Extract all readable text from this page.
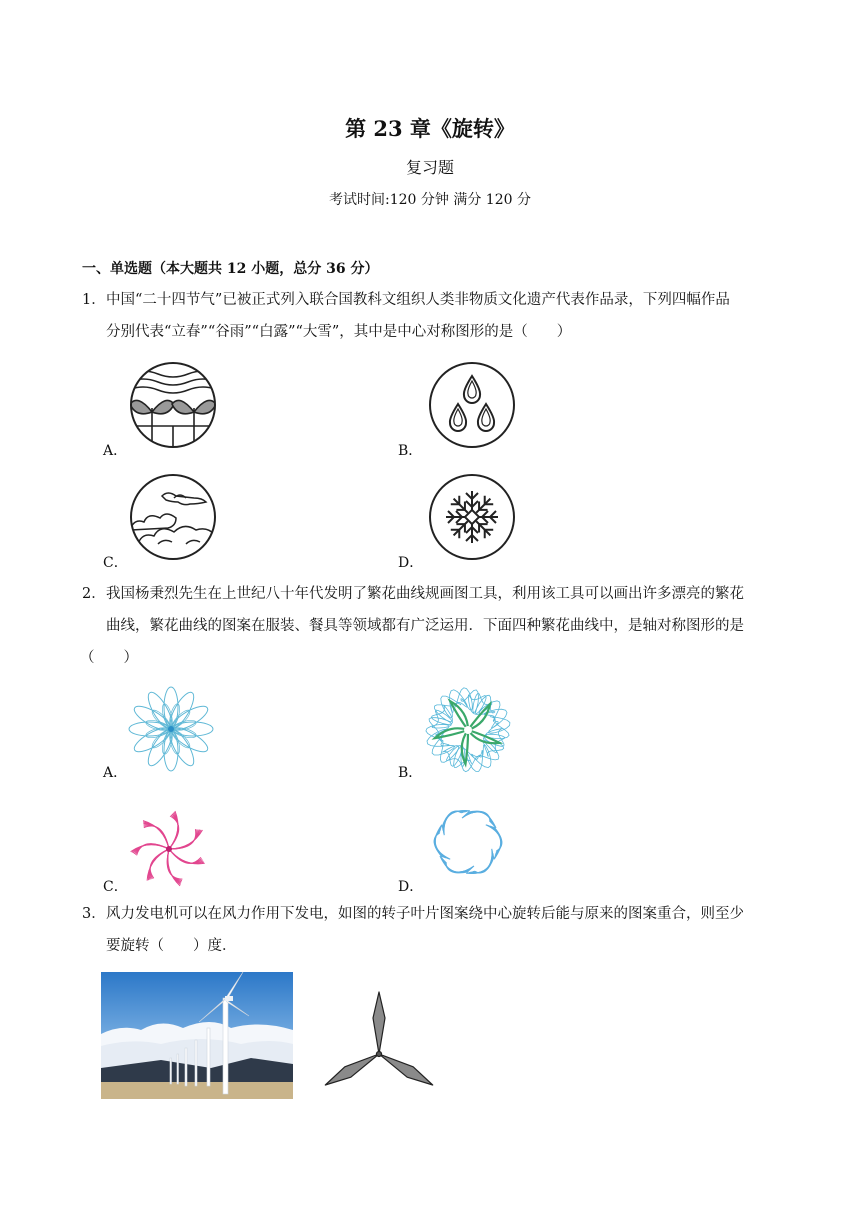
第 23 章《旋转》
复习题
考试时间:120 分钟 满分 120 分
一、单选题（本大题共 12 小题，总分 36 分）
1． 中国“二十四节气”已被正式列入联合国教科文组织人类非物质文化遗产代表作品录，下列四幅作品
分别代表“立春”“谷雨”“白露”“大雪”，其中是中心对称图形的是（　　）
A．	B．
C．	D．
2． 我国杨秉烈先生在上世纪八十年代发明了繁花曲线规画图工具，利用该工具可以画出许多漂亮的繁花
曲线，繁花曲线的图案在服装、餐具等领域都有广泛运用．下面四种繁花曲线中，是轴对称图形的是
（　　）
A．	B．
C．	D．
3． 风力发电机可以在风力作用下发电，如图的转子叶片图案绕中心旋转后能与原来的图案重合，则至少
要旋转（　　）度．
